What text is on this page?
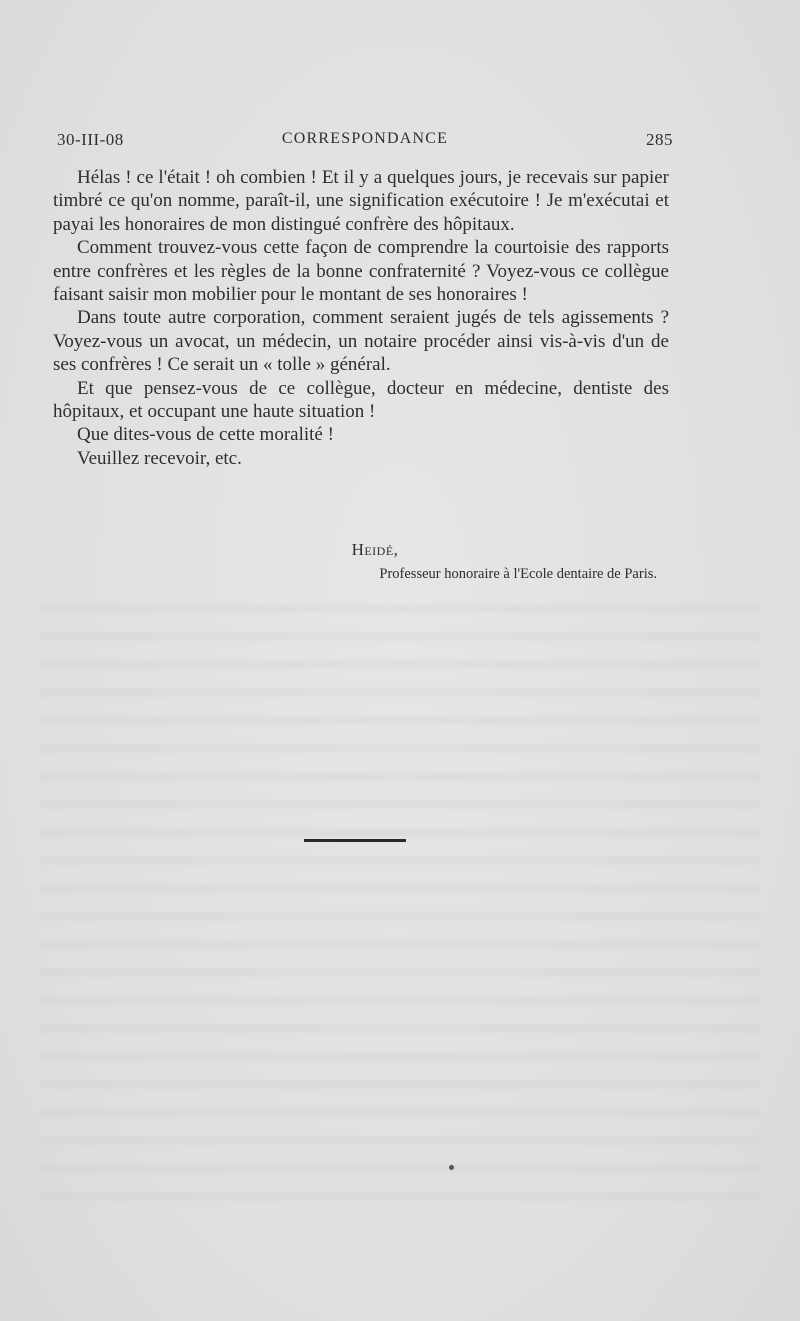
30-III-08	CORRESPONDANCE	285

Hélas ! ce l'était ! oh combien ! Et il y a quelques jours, je recevais sur papier timbré ce qu'on nomme, paraît-il, une signification exécutoire ! Je m'exécutai et payai les honoraires de mon distingué confrère des hôpitaux.

Comment trouvez-vous cette façon de comprendre la courtoisie des rapports entre confrères et les règles de la bonne confraternité ? Voyez-vous ce collègue faisant saisir mon mobilier pour le montant de ses honoraires !

Dans toute autre corporation, comment seraient jugés de tels agissements ? Voyez-vous un avocat, un médecin, un notaire procéder ainsi vis-à-vis d'un de ses confrères ! Ce serait un « tolle » général.

Et que pensez-vous de ce collègue, docteur en médecine, dentiste des hôpitaux, et occupant une haute situation !

Que dites-vous de cette moralité !

Veuillez recevoir, etc.

Heidé,
Professeur honoraire à l'Ecole dentaire de Paris.
